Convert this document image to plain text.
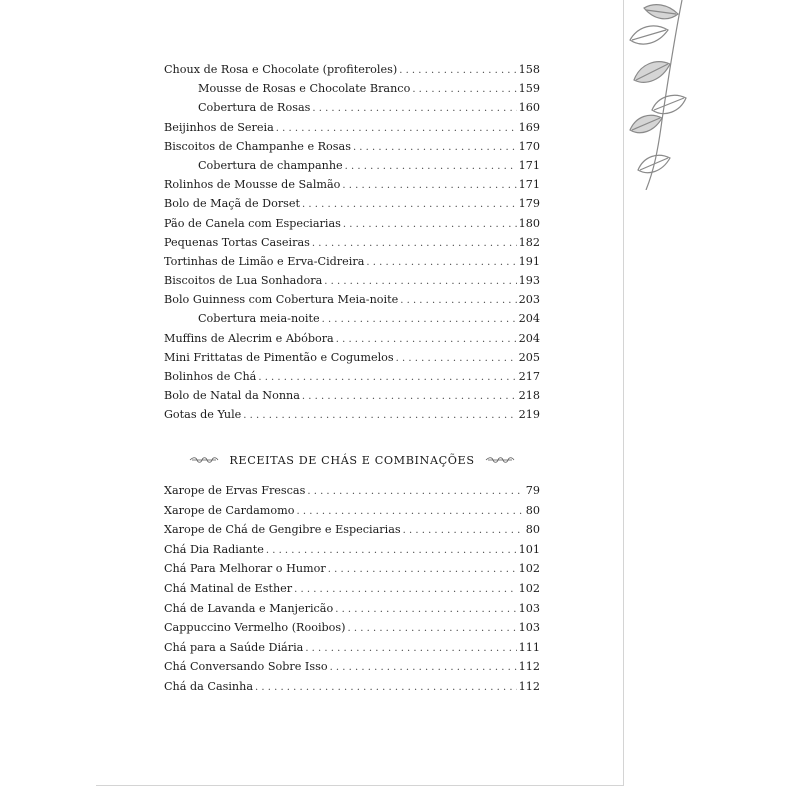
Choux de Rosa e Chocolate (profiteroles) . . .	158
Mousse de Rosas e Chocolate Branco . . .	159
Cobertura de Rosas . . .	160
Beijinhos de Sereia . . .	169
Biscoitos de Champanhe e Rosas . . .	170
Cobertura de champanhe . . .	171
Rolinhos de Mousse de Salmão . . .	171
Bolo de Maçã de Dorset . . .	179
Pão de Canela com Especiarias . . .	180
Pequenas Tortas Caseiras . . .	182
Tortinhas de Limão e Erva-Cidreira . . .	191
Biscoitos de Lua Sonhadora . . .	193
Bolo Guinness com Cobertura Meia-noite . . .	203
Cobertura meia-noite . . .	204
Muffins de Alecrim e Abóbora . . .	204
Mini Frittatas de Pimentão e Cogumelos . . .	205
Bolinhos de Chá . . .	217
Bolo de Natal da Nonna . . .	218
Gotas de Yule . . .	219
RECEITAS DE CHÁS E COMBINAÇÕES
Xarope de Ervas Frescas . . .	79
Xarope de Cardamomo . . .	80
Xarope de Chá de Gengibre e Especiarias . . .	80
Chá Dia Radiante . . .	101
Chá Para Melhorar o Humor . . .	102
Chá Matinal de Esther . . .	102
Chá de Lavanda e Manjericão . . .	103
Cappuccino Vermelho (Rooibos) . . .	103
Chá para a Saúde Diária . . .	111
Chá Conversando Sobre Isso . . .	112
Chá da Casinha . . .	112
